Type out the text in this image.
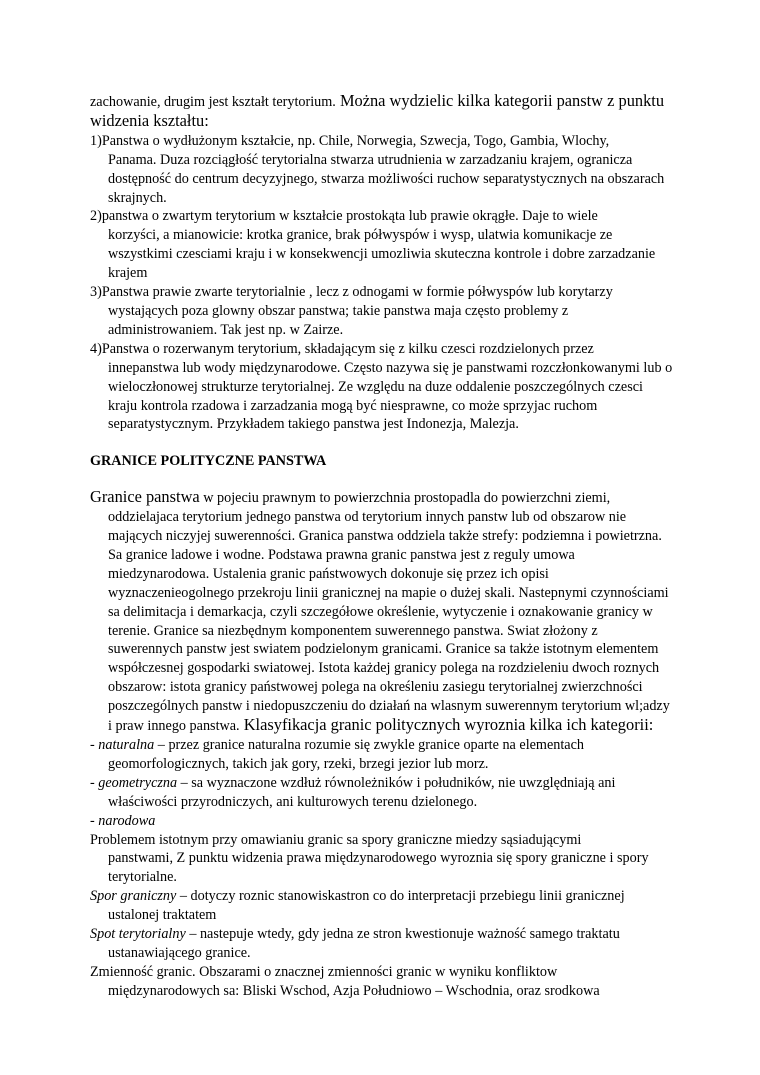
zachowanie, drugim jest kształt terytorium. Można wydzielic kilka kategorii panstw z punktu widzenia kształtu:

1)Panstwa o wydłużonym kształcie, np. Chile, Norwegia, Szwecja, Togo, Gambia, Wlochy,

Panama. Duza rozciągłość terytorialna stwarza utrudnienia w zarzadzaniu krajem, ogranicza dostępność do centrum decyzyjnego, stwarza możliwości ruchow separatystycznych na obszarach skrajnych.

2)panstwa o zwartym terytorium w kształcie prostokąta lub prawie okrągłe. Daje to wiele

korzyści, a mianowicie: krotka granice, brak półwyspów i wysp, ulatwia komunikacje ze wszystkimi czesciami kraju i w konsekwencji umozliwia skuteczna kontrole i dobre zarzadzanie krajem

3)Panstwa prawie zwarte terytorialnie , lecz z odnogami w formie półwyspów lub korytarzy

wystających poza glowny obszar panstwa; takie panstwa maja często problemy z administrowaniem. Tak jest np. w Zairze.

4)Panstwa o rozerwanym terytorium, składającym się z kilku czesci rozdzielonych przez

innepanstwa lub wody międzynarodowe. Często nazywa się je panstwami rozczłonkowanymi lub o wieloczłonowej strukturze terytorialnej. Ze względu na duze oddalenie poszczególnych czesci kraju kontrola rzadowa i zarzadzania mogą być niesprawne, co może sprzyjac ruchom separatystycznym. Przykładem takiego panstwa jest Indonezja, Malezja.

GRANICE POLITYCZNE PANSTWA

Granice panstwa w pojeciu prawnym to powierzchnia prostopadla do powierzchni ziemi,

oddzielajaca terytorium jednego panstwa od terytorium innych panstw lub od obszarow nie mających niczyjej suwerenności. Granica panstwa oddziela także strefy: podziemna i powietrzna. Sa granice ladowe i wodne. Podstawa prawna granic panstwa jest z reguly umowa miedzynarodowa. Ustalenia granic państwowych dokonuje się przez ich opisi wyznaczenieogolnego przekroju linii granicznej na mapie o dużej skali. Nastepnymi czynnościami sa delimitacja i demarkacja, czyli szczegółowe określenie, wytyczenie i oznakowanie granicy w terenie. Granice sa niezbędnym komponentem suwerennego panstwa. Swiat złożony z suwerennych panstw jest swiatem podzielonym granicami. Granice sa także istotnym elementem współczesnej gospodarki swiatowej. Istota każdej granicy polega na rozdzieleniu dwoch roznych obszarow: istota granicy państwowej polega na określeniu zasiegu terytorialnej zwierzchności poszczególnych panstw i niedopuszczeniu do działań na wlasnym suwerennym terytorium wl;adzy i praw innego panstwa. Klasyfikacja granic politycznych wyroznia kilka ich kategorii:

- naturalna – przez granice naturalna rozumie się zwykle granice oparte na elementach

geomorfologicznych, takich jak gory, rzeki, brzegi jezior lub morz.

- geometryczna – sa wyznaczone wzdłuż równoleżników i południków, nie uwzględniają ani

właściwości przyrodniczych, ani kulturowych terenu dzielonego.

- narodowa

Problemem istotnym przy omawianiu granic sa spory graniczne miedzy sąsiadującymi

panstwami, Z punktu widzenia prawa międzynarodowego wyroznia się spory graniczne i spory terytorialne.

Spor graniczny – dotyczy roznic stanowiskastron co do interpretacji przebiegu linii granicznej

ustalonej traktatem

Spot terytorialny – nastepuje wtedy, gdy jedna ze stron kwestionuje ważność samego traktatu

ustanawiającego granice.

Zmienność granic. Obszarami o znacznej zmienności granic w wyniku konfliktow

międzynarodowych sa: Bliski Wschod, Azja Południowo – Wschodnia, oraz srodkowa
